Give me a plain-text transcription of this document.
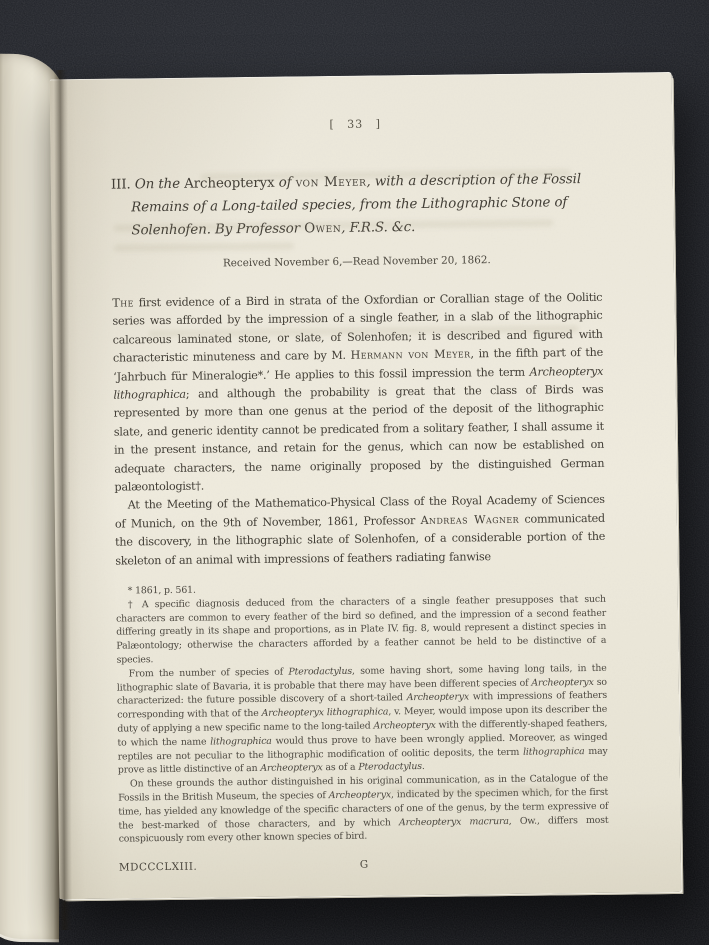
[ 33 ]
III. On the Archeopteryx of von Meyer, with a description of the Fossil Remains of a Long-tailed species, from the Lithographic Stone of Solenhofen. By Professor Owen, F.R.S. &c.
Received November 6,—Read November 20, 1862.

The first evidence of a Bird in strata of the Oxfordian or Corallian stage of the Oolitic series was afforded by the impression of a single feather, in a slab of the lithographic calcareous laminated stone, or slate, of Solenhofen; it is described and figured with characteristic minuteness and care by M. Hermann von Meyer, in the fifth part of the ‘Jahrbuch für Mineralogie*.’ He applies to this fossil impression the term Archeopteryx lithographica; and although the probability is great that the class of Birds was represented by more than one genus at the period of the deposit of the lithographic slate, and generic identity cannot be predicated from a solitary feather, I shall assume it in the present instance, and retain for the genus, which can now be established on adequate characters, the name originally proposed by the distinguished German palæontologist†.

At the Meeting of the Mathematico-Physical Class of the Royal Academy of Sciences of Munich, on the 9th of November, 1861, Professor Andreas Wagner communicated the discovery, in the lithographic slate of Solenhofen, of a considerable portion of the skeleton of an animal with impressions of feathers radiating fanwise

* 1861, p. 561.

† A specific diagnosis deduced from the characters of a single feather presupposes that such characters are common to every feather of the bird so defined, and the impression of a second feather differing greatly in its shape and proportions, as in Plate IV. fig. 8, would represent a distinct species in Palæontology; otherwise the characters afforded by a feather cannot be held to be distinctive of a species.

From the number of species of Pterodactylus, some having short, some having long tails, in the lithographic slate of Bavaria, it is probable that there may have been different species of Archeopteryx so characterized: the future possible discovery of a short-tailed Archeopteryx with impressions of feathers corresponding with that of the Archeopteryx lithographica, v. Meyer, would impose upon its describer the duty of applying a new specific name to the long-tailed Archeopteryx with the differently-shaped feathers, to which the name lithographica would thus prove to have been wrongly applied. Moreover, as winged reptiles are not peculiar to the lithographic modification of oolitic deposits, the term lithographica may prove as little distinctive of an Archeopteryx as of a Pterodactylus.

On these grounds the author distinguished in his original communication, as in the Catalogue of the Fossils in the British Museum, the species of Archeopteryx, indicated by the specimen which, for the first time, has yielded any knowledge of the specific characters of one of the genus, by the term expressive of the best-marked of those characters, and by which Archeopteryx macrura, Ow., differs most conspicuously rom every other known species of bird.

MDCCCLXIII.	G
